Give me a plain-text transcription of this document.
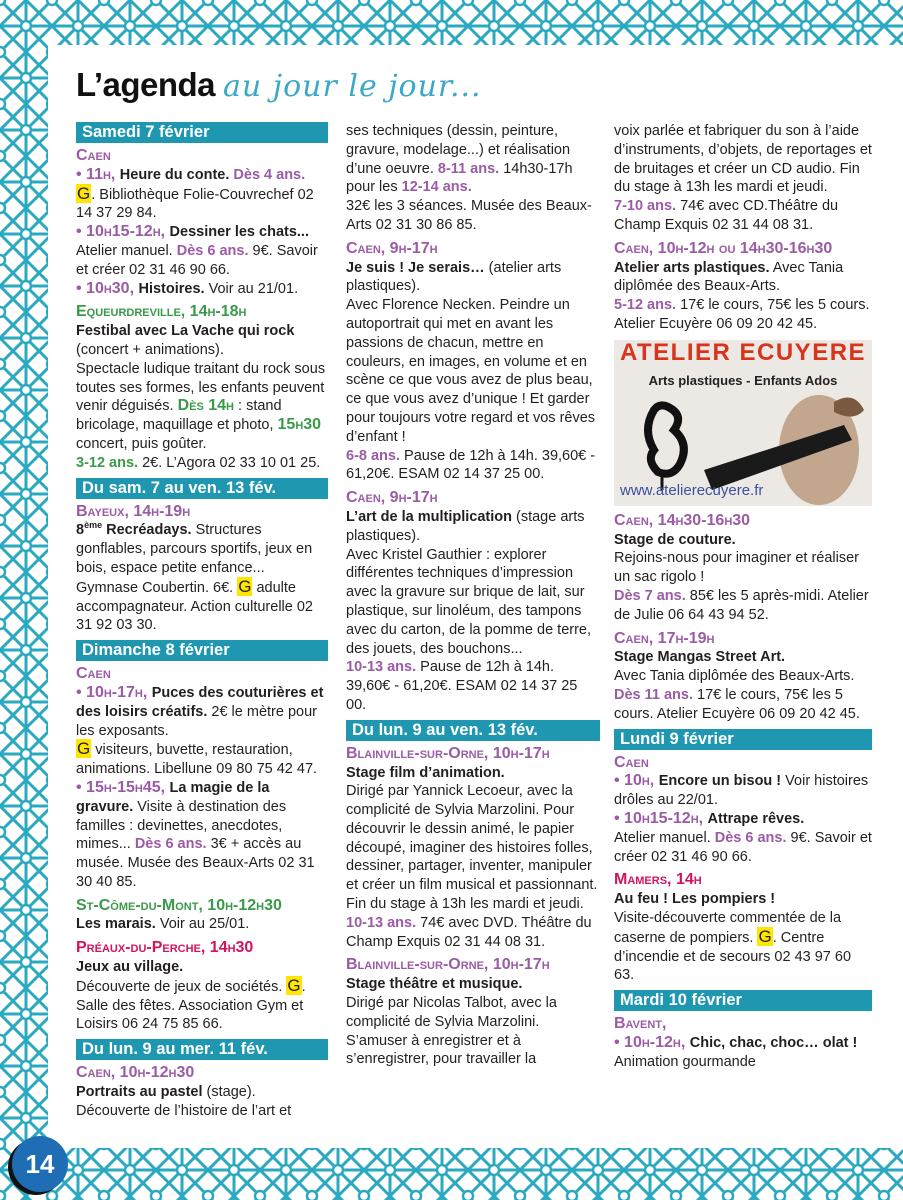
L’agenda au jour le jour...
Samedi 7 février
Caen
• 11h, Heure du conte. Dès 4 ans.
G. Bibliothèque Folie-Couvrechef 02 14 37 29 84.
• 10h15-12h, Dessiner les chats... Atelier manuel. Dès 6 ans. 9€. Savoir et créer 02 31 46 90 66.
• 10h30, Histoires. Voir au 21/01.
Equeurdreville, 14h-18h
Festibal avec La Vache qui rock (concert + animations).
Spectacle ludique traitant du rock sous toutes ses formes, les enfants peuvent venir déguisés. Dès 14h : stand bricolage, maquillage et photo, 15h30 concert, puis goûter.
3-12 ans. 2€. L’Agora 02 33 10 01 25.
Du sam. 7 au ven. 13 fév.
Bayeux, 14h-19h
8ème Recréadays. Structures gonflables, parcours sportifs, jeux en bois, espace petite enfance... Gymnase Coubertin. 6€. G adulte accompagnateur. Action culturelle 02 31 92 03 30.
Dimanche 8 février
Caen
• 10h-17h, Puces des couturières et des loisirs créatifs. 2€ le mètre pour les exposants.
G visiteurs, buvette, restauration, animations. Libellune 09 80 75 42 47.
• 15h-15h45, La magie de la gravure. Visite à destination des familles : devinettes, anecdotes, mimes... Dès 6 ans. 3€ + accès au musée. Musée des Beaux-Arts 02 31 30 40 85.
St-Côme-du-Mont, 10h-12h30
Les marais. Voir au 25/01.
Préaux-du-Perche, 14h30
Jeux au village.
Découverte de jeux de sociétés. G. Salle des fêtes. Association Gym et Loisirs 06 24 75 85 66.
Du lun. 9 au mer. 11 fév.
Caen, 10h-12h30
Portraits au pastel (stage).
Découverte de l’histoire de l’art et
ses techniques (dessin, peinture, gravure, modelage...) et réalisation d’une oeuvre. 8-11 ans. 14h30-17h pour les 12-14 ans.
32€ les 3 séances. Musée des Beaux-Arts 02 31 30 86 85.
Caen, 9h-17h
Je suis ! Je serais… (atelier arts plastiques).
Avec Florence Necken. Peindre un autoportrait qui met en avant les passions de chacun, mettre en couleurs, en images, en volume et en scène ce que vous avez de plus beau, ce que vous avez d’unique ! Et garder pour toujours votre regard et vos rêves d’enfant !
6-8 ans. Pause de 12h à 14h. 39,60€ - 61,20€. ESAM 02 14 37 25 00.
Caen, 9h-17h
L’art de la multiplication (stage arts plastiques).
Avec Kristel Gauthier : explorer différentes techniques d’impression avec la gravure sur brique de lait, sur plastique, sur linoléum, des tampons avec du carton, de la pomme de terre, des jouets, des bouchons...
10-13 ans. Pause de 12h à 14h. 39,60€ - 61,20€. ESAM 02 14 37 25 00.
Du lun. 9 au ven. 13 fév.
Blainville-sur-Orne, 10h-17h
Stage film d’animation.
Dirigé par Yannick Lecoeur, avec la complicité de Sylvia Marzolini. Pour découvrir le dessin animé, le papier découpé, imaginer des histoires folles, dessiner, partager, inventer, manipuler et créer un film musical et passionnant. Fin du stage à 13h les mardi et jeudi.
10-13 ans. 74€ avec DVD. Théâtre du Champ Exquis 02 31 44 08 31.
Blainville-sur-Orne, 10h-17h
Stage théâtre et musique.
Dirigé par Nicolas Talbot, avec la complicité de Sylvia Marzolini. S’amuser à enregistrer et à s’enregistrer, pour travailler la
voix parlée et fabriquer du son à l’aide d’instruments, d’objets, de reportages et de bruitages et créer un CD audio. Fin du stage à 13h les mardi et jeudi.
7-10 ans. 74€ avec CD.Théâtre du Champ Exquis 02 31 44 08 31.
Caen, 10h-12h ou 14h30-16h30
Atelier arts plastiques. Avec Tania diplômée des Beaux-Arts.
5-12 ans. 17€ le cours, 75€ les 5 cours. Atelier Ecuyère 06 09 20 42 45.
ATELIER ECUYERE
Arts plastiques - Enfants Ados
www.atelierecuyere.fr
Caen, 14h30-16h30
Stage de couture.
Rejoins-nous pour imaginer et réaliser un sac rigolo !
Dès 7 ans. 85€ les 5 après-midi. Atelier de Julie 06 64 43 94 52.
Caen, 17h-19h
Stage Mangas Street Art.
Avec Tania diplômée des Beaux-Arts.
Dès 11 ans. 17€ le cours, 75€ les 5 cours. Atelier Ecuyère 06 09 20 42 45.
Lundi 9 février
Caen
• 10h, Encore un bisou ! Voir histoires drôles au 22/01.
• 10h15-12h, Attrape rêves.
Atelier manuel. Dès 6 ans. 9€. Savoir et créer 02 31 46 90 66.
Mamers, 14h
Au feu ! Les pompiers !
Visite-découverte commentée de la caserne de pompiers. G. Centre d’incendie et de secours 02 43 97 60 63.
Mardi 10 février
Bavent,
• 10h-12h, Chic, chac, choc… olat ! Animation gourmande
14
